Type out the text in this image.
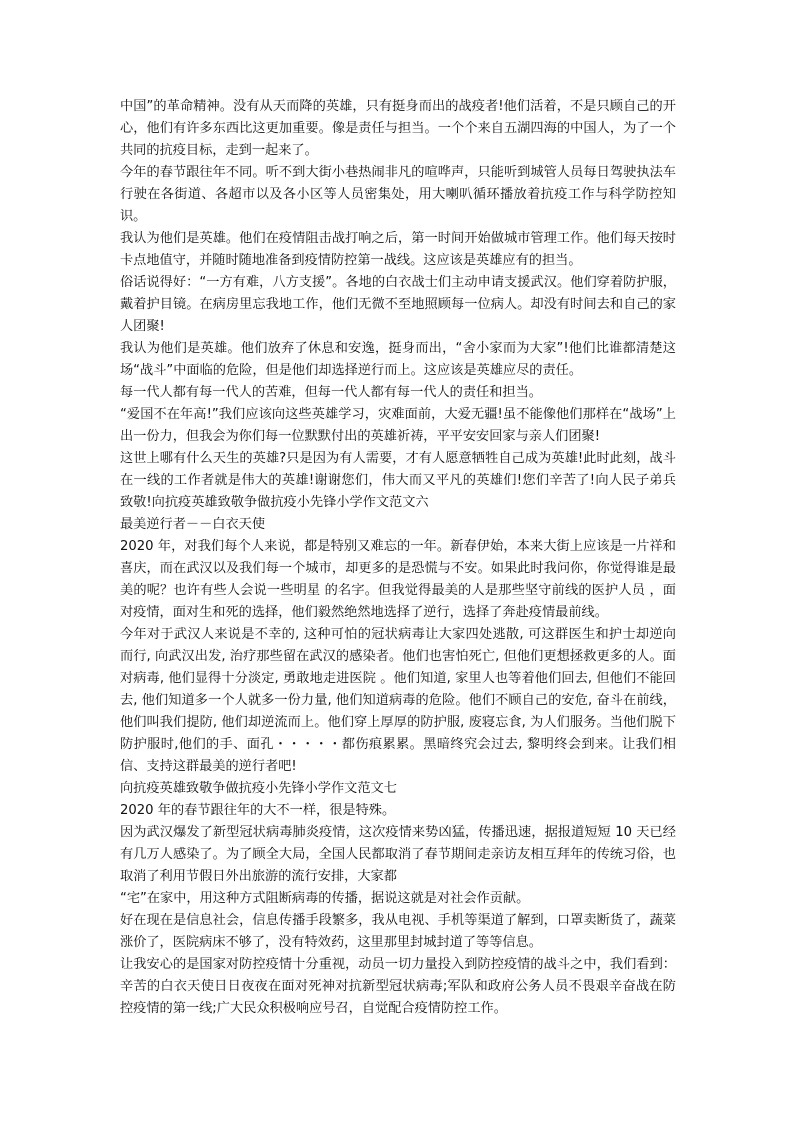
中国”的革命精神。没有从天而降的英雄，只有挺身而出的战疫者!他们活着，不是只顾自己的开心，他们有许多东西比这更加重要。像是责任与担当。一个个来自五湖四海的中国人，为了一个共同的抗疫目标，走到一起来了。

今年的春节跟往年不同。听不到大街小巷热闹非凡的喧哗声，只能听到城管人员每日驾驶执法车行驶在各街道、各超市以及各小区等人员密集处，用大喇叭循环播放着抗疫工作与科学防控知识。

我认为他们是英雄。他们在疫情阻击战打响之后，第一时间开始做城市管理工作。他们每天按时卡点地值守，并随时随地准备到疫情防控第一战线。这应该是英雄应有的担当。

俗话说得好：“一方有难，八方支援”。各地的白衣战士们主动申请支援武汉。他们穿着防护服，戴着护目镜。在病房里忘我地工作，他们无微不至地照顾每一位病人。却没有时间去和自己的家人团聚!

我认为他们是英雄。他们放弃了休息和安逸，挺身而出，“舍小家而为大家”!他们比谁都清楚这场“战斗”中面临的危险，但是他们却选择逆行而上。这应该是英雄应尽的责任。

每一代人都有每一代人的苦难，但每一代人都有每一代人的责任和担当。

“爱国不在年高!”我们应该向这些英雄学习，灾难面前，大爱无疆!虽不能像他们那样在“战场”上出一份力，但我会为你们每一位默默付出的英雄祈祷，平平安安回家与亲人们团聚!

这世上哪有什么天生的英雄?只是因为有人需要，才有人愿意牺牲自己成为英雄!此时此刻，战斗在一线的工作者就是伟大的英雄!谢谢您们，伟大而又平凡的英雄们!您们辛苦了!向人民子弟兵致敬!向抗疫英雄致敬争做抗疫小先锋小学作文范文六

最美逆行者－－白衣天使

2020 年，对我们每个人来说，都是特别又难忘的一年。新春伊始，本来大街上应该是一片祥和喜庆，而在武汉以及我们每一个城市，却更多的是恐慌与不安。如果此时我问你，你觉得谁是最美的呢？也许有些人会说一些明星 的名字。但我觉得最美的人是那些坚守前线的医护人员 ，面对疫情，面对生和死的选择，他们毅然绝然地选择了逆行，选择了奔赴疫情最前线。

今年对于武汉人来说是不幸的, 这种可怕的冠状病毒让大家四处逃散, 可这群医生和护士却逆向而行, 向武汉出发, 治疗那些留在武汉的感染者。他们也害怕死亡, 但他们更想拯救更多的人。面对病毒, 他们显得十分淡定, 勇敢地走进医院 。他们知道, 家里人也等着他们回去, 但他们不能回去, 他们知道多一个人就多一份力量, 他们知道病毒的危险。他们不顾自己的安危, 奋斗在前线， 他们叫我们提防, 他们却逆流而上。他们穿上厚厚的防护服, 废寝忘食, 为人们服务。当他们脱下防护服时,他们的手、面孔・・・・・都伤痕累累。黑暗终究会过去, 黎明终会到来。让我们相信、支持这群最美的逆行者吧!

向抗疫英雄致敬争做抗疫小先锋小学作文范文七

2020 年的春节跟往年的大不一样，很是特殊。

因为武汉爆发了新型冠状病毒肺炎疫情，这次疫情来势凶猛，传播迅速，据报道短短 10 天已经有几万人感染了。为了顾全大局，全国人民都取消了春节期间走亲访友相互拜年的传统习俗，也取消了利用节假日外出旅游的流行安排，大家都

“宅”在家中，用这种方式阻断病毒的传播，据说这就是对社会作贡献。

好在现在是信息社会，信息传播手段繁多，我从电视、手机等渠道了解到，口罩卖断货了，蔬菜涨价了，医院病床不够了，没有特效药，这里那里封城封道了等等信息。

让我安心的是国家对防控疫情十分重视，动员一切力量投入到防控疫情的战斗之中，我们看到：辛苦的白衣天使日日夜夜在面对死神对抗新型冠状病毒;军队和政府公务人员不畏艰辛奋战在防控疫情的第一线;广大民众积极响应号召，自觉配合疫情防控工作。
